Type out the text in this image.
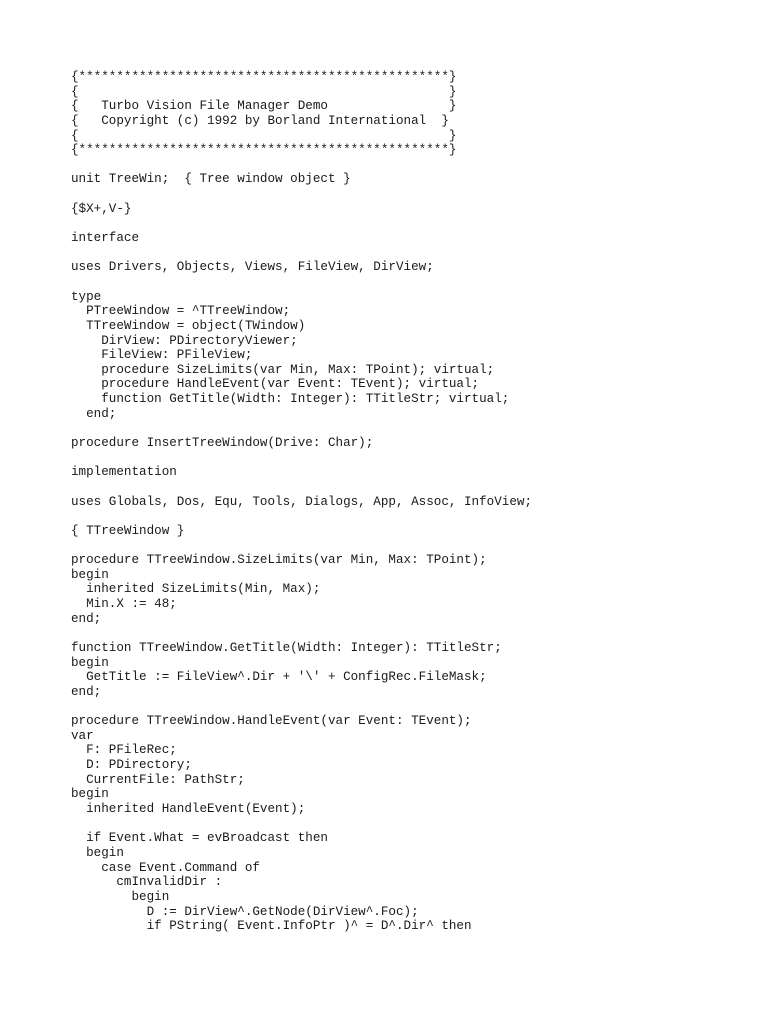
{*************************************************}
{                                                 }
{   Turbo Vision File Manager Demo                }
{   Copyright (c) 1992 by Borland International  }
{                                                 }
{*************************************************}
unit TreeWin;  { Tree window object }
{$X+,V-}
interface
uses Drivers, Objects, Views, FileView, DirView;
type
PTreeWindow = ^TTreeWindow;
TTreeWindow = object(TWindow)
DirView: PDirectoryViewer;
FileView: PFileView;
procedure SizeLimits(var Min, Max: TPoint); virtual;
procedure HandleEvent(var Event: TEvent); virtual;
function GetTitle(Width: Integer): TTitleStr; virtual;
end;
procedure InsertTreeWindow(Drive: Char);
implementation
uses Globals, Dos, Equ, Tools, Dialogs, App, Assoc, InfoView;
{ TTreeWindow }
procedure TTreeWindow.SizeLimits(var Min, Max: TPoint);
begin
inherited SizeLimits(Min, Max);
Min.X := 48;
end;
function TTreeWindow.GetTitle(Width: Integer): TTitleStr;
begin
GetTitle := FileView^.Dir + '\' + ConfigRec.FileMask;
end;
procedure TTreeWindow.HandleEvent(var Event: TEvent);
var
F: PFileRec;
D: PDirectory;
CurrentFile: PathStr;
begin
inherited HandleEvent(Event);
if Event.What = evBroadcast then
begin
case Event.Command of
cmInvalidDir :
begin
D := DirView^.GetNode(DirView^.Foc);
if PString( Event.InfoPtr )^ = D^.Dir^ then
